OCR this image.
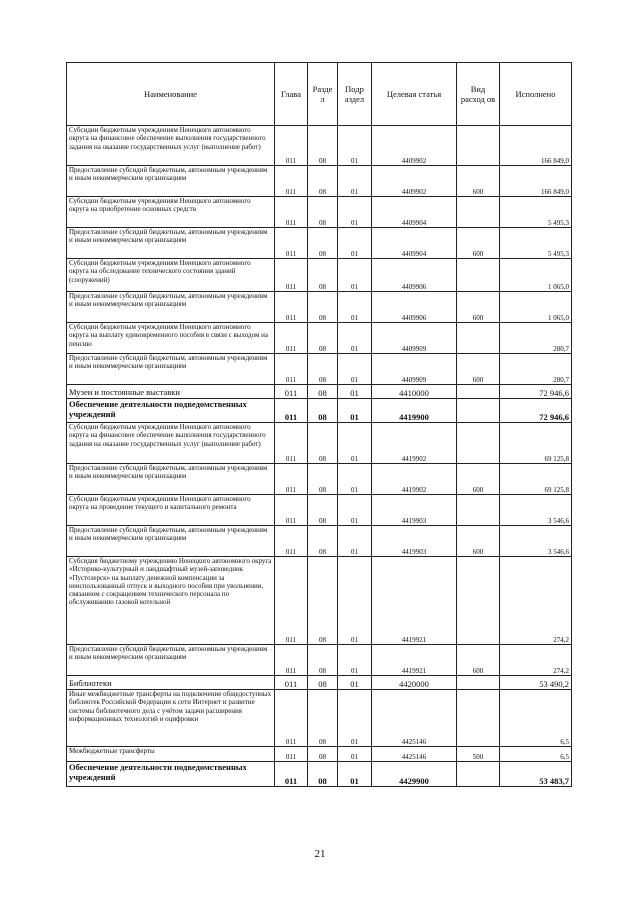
Наименование	Глава	Разде л	Подр аздел	Целевая статья	Вид расход ов	Исполнено
Субсидии бюджетным учреждениям Ненецкого автономного округа на финансовое обеспечение выполнения государственного задания на оказание государственных услуг (выполнение работ)	011	08	01	4409902		166 849,0
Предоставление субсидий бюджетным, автономным учреждениям и иным некоммерческим организациям	011	08	01	4409902	600	166 849,0
Субсидии бюджетным учреждениям Ненецкого автономного округа на приобретение основных средств	011	08	01	4409904		5 495,3
Предоставление субсидий бюджетным, автономным учреждениям и иным некоммерческим организациям	011	08	01	4409904	600	5 495,3
Субсидии бюджетным учреждениям Ненецкого автономного округа на обследование технического состояния зданий (сооружений)	011	08	01	4409906		1 065,0
Предоставление субсидий бюджетным, автономным учреждениям и иным некоммерческим организациям	011	08	01	4409906	600	1 065,0
Субсидии бюджетным учреждениям Ненецкого автономного округа на выплату единовременного пособия в связи с выходом на пенсию	011	08	01	4409909		280,7
Предоставление субсидий бюджетным, автономным учреждениям и иным некоммерческим организациям	011	08	01	4409909	600	280,7
Музеи и постоянные выставки	011	08	01	4410000		72 946,6
Обеспечение деятельности подведомственных учреждений	011	08	01	4419900		72 946,6
Субсидии бюджетным учреждениям Ненецкого автономного округа на финансовое обеспечение выполнения государственного задания на оказание государственных услуг (выполнение работ)	011	08	01	4419902		69 125,8
Предоставление субсидий бюджетным, автономным учреждениям и иным некоммерческим организациям	011	08	01	4419902	600	69 125,8
Субсидии бюджетным учреждениям Ненецкого автономного округа на проведение текущего и капитального ремонта	011	08	01	4419903		3 546,6
Предоставление субсидий бюджетным, автономным учреждениям и иным некоммерческим организациям	011	08	01	4419903	600	3 546,6
Субсидия бюджетному учреждению Ненецкого автономного округа «Историко-культурный и ландшафтный музей-заповедник «Пустозерск» на выплату денежной компенсации за неиспользованный отпуск и выходного пособия при увольнении, связанном с сокращением технического персонала по обслуживанию газовой котельной	011	08	01	4419921		274,2
Предоставление субсидий бюджетным, автономным учреждениям и иным некоммерческим организациям	011	08	01	4419921	600	274,2
Библиотеки	011	08	01	4420000		53 490,2
Иные межбюджетные трансферты на подключение общедоступных библиотек Российской Федерации к сети Интернет и развитие системы библиотечного дела с учётом задачи расширения информационных технологий и оцифровки	011	08	01	4425146		6,5
Межбюджетные трансферты	011	08	01	4425146	500	6,5
Обеспечение деятельности подведомственных учреждений	011	08	01	4429900		53 483,7
21
